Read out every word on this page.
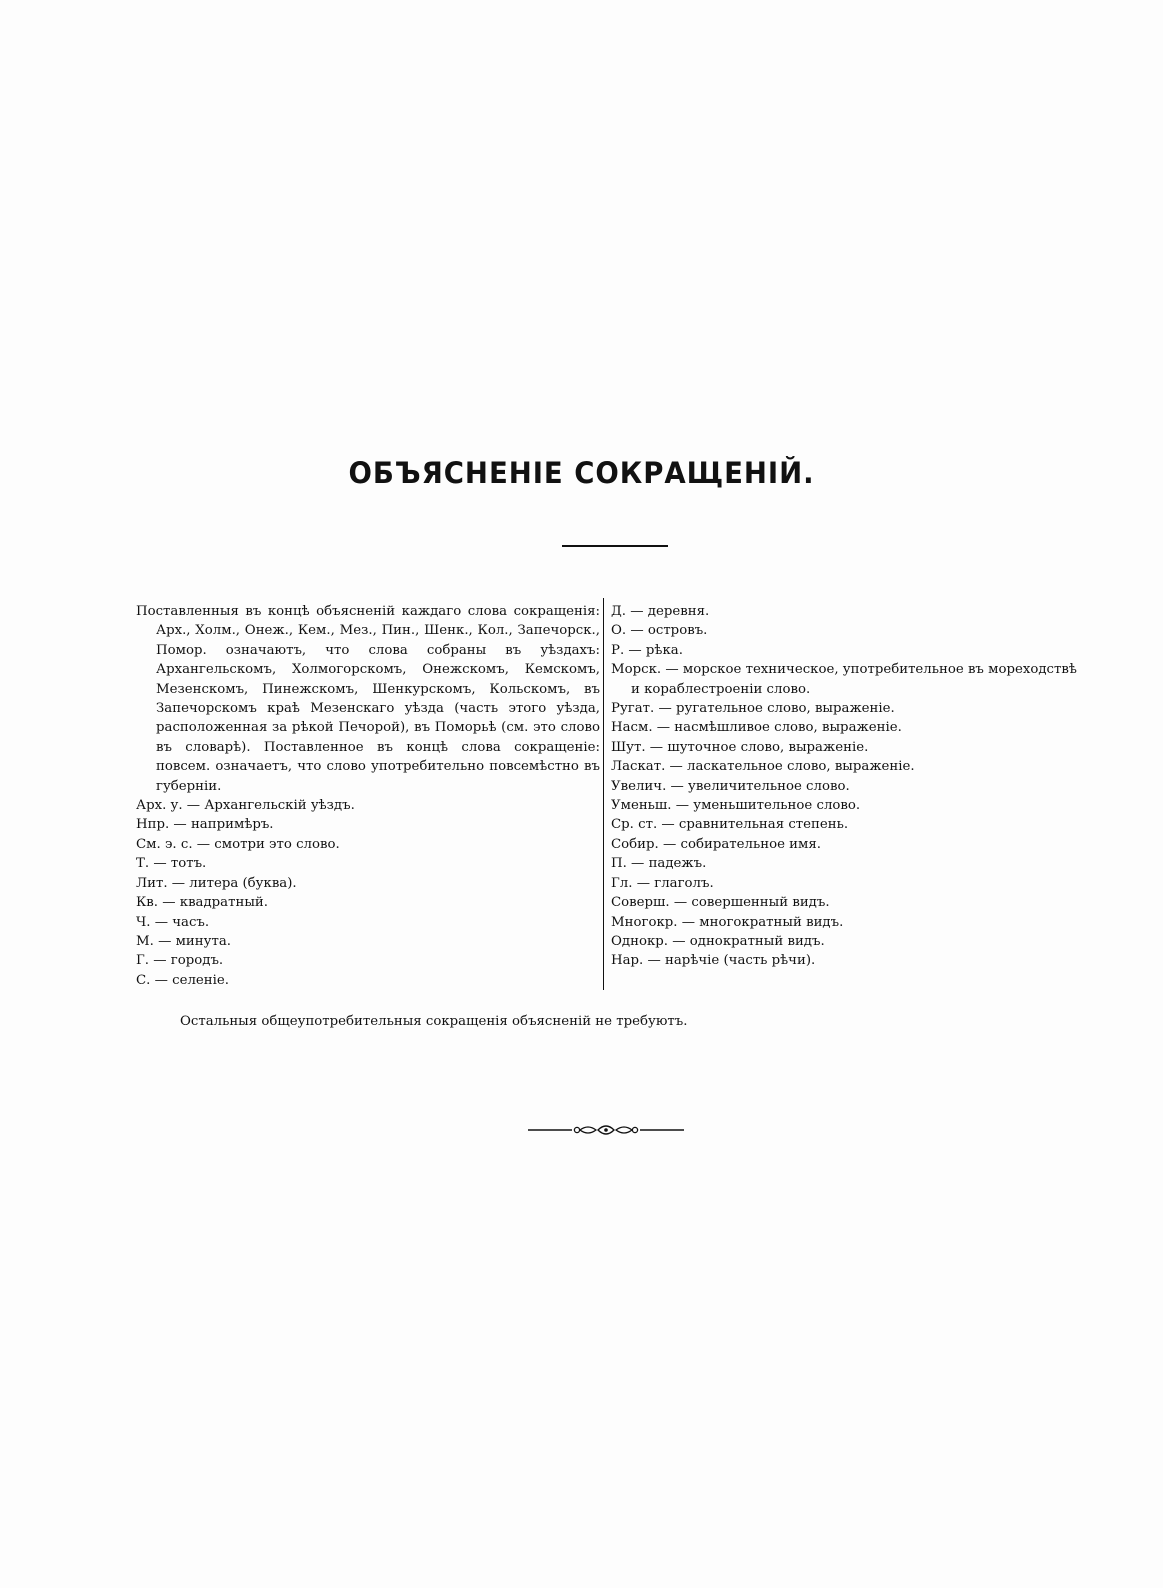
ОБЪЯСНЕНІЕ СОКРАЩЕНІЙ.
Поставленныя въ концѣ объясненій каждаго слова сокращенія: Арх., Холм., Онеж., Кем., Мез., Пин., Шенк., Кол., Запечорск., Помор. означаютъ, что слова собраны въ уѣздахъ: Архангельскомъ, Холмогорскомъ, Онежскомъ, Кемскомъ, Мезенскомъ, Пинежскомъ, Шенкурскомъ, Кольскомъ, въ Запечорскомъ краѣ Мезенскаго уѣзда (часть этого уѣзда, расположенная за рѣкой Печорой), въ Поморьѣ (см. это слово въ словарѣ). Поставленное въ концѣ слова сокращеніе: повсем. означаетъ, что слово употребительно повсемѣстно въ губерніи.
Арх. у. — Архангельскій уѣздъ.
Нпр. — напримѣръ.
См. э. с. — смотри это слово.
Т. — тотъ.
Лит. — литера (буква).
Кв. — квадратный.
Ч. — часъ.
М. — минута.
Г. — городъ.
С. — селеніе.
Д. — деревня.
О. — островъ.
Р. — рѣка.
Морск. — морское техническое, употребительное въ мореходствѣ и кораблестроеніи слово.
Ругат. — ругательное слово, выраженіе.
Насм. — насмѣшливое слово, выраженіе.
Шут. — шуточное слово, выраженіе.
Ласкат. — ласкательное слово, выраженіе.
Увелич. — увеличительное слово.
Уменьш. — уменьшительное слово.
Ср. ст. — сравнительная степень.
Собир. — собирательное имя.
П. — падежъ.
Гл. — глаголъ.
Соверш. — совершенный видъ.
Многокр. — многократный видъ.
Однокр. — однократный видъ.
Нар. — нарѣчіе (часть рѣчи).
Остальныя общеупотребительныя сокращенія объясненій не требуютъ.
